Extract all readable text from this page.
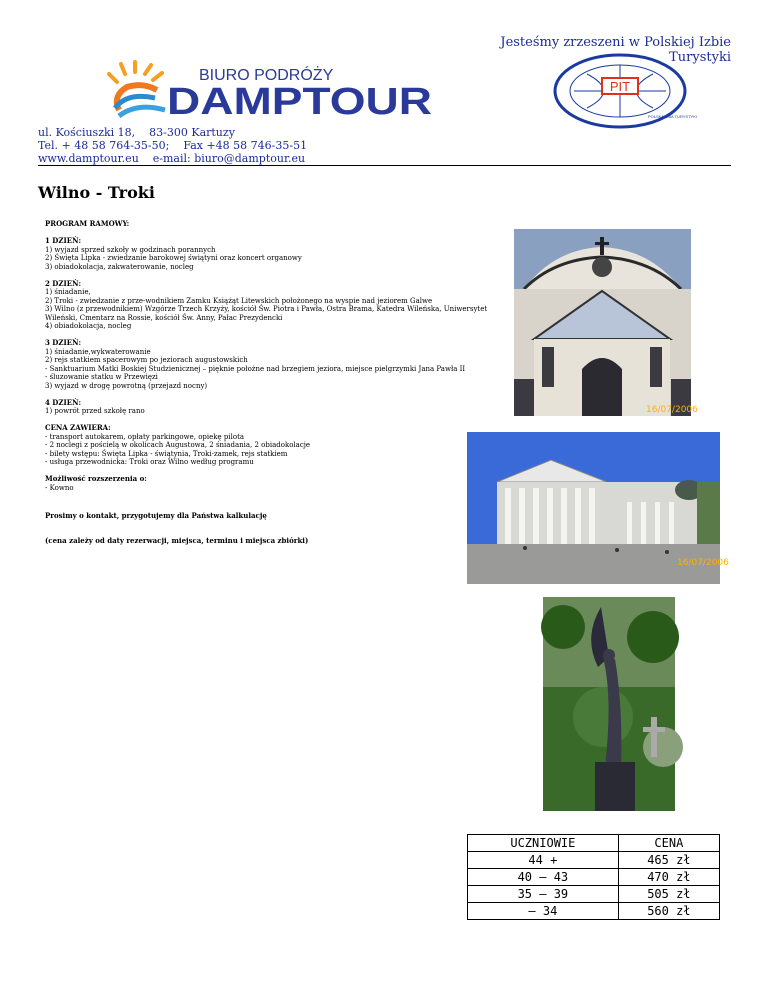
Jesteśmy zrzeszeni w Polskiej Izbie Turystyki
BIURO PODRÓŻY
DAMPTOUR	PIT
POLSKA IZBA TURYSTYKI
ul. Kościuszki 18,    83-300 Kartuzy
Tel. + 48 58 764-35-50;    Fax +48 58 746-35-51
www.damptour.eu    e-mail: biuro@damptour.eu
Wilno - Troki

PROGRAM RAMOWY:

1 DZIEŃ:
1) wyjazd sprzed szkoły w godzinach porannych
2) Święta Lipka - zwiedzanie barokowej świątyni oraz koncert organowy
3) obiadokolacja, zakwaterowanie, nocleg

2 DZIEŃ:
1) śniadanie,
2) Troki - zwiedzanie z prze-wodnikiem Zamku Książąt Litewskich położonego na wyspie nad jeziorem Galwe
3) Wilno (z przewodnikiem) Wzgórze Trzech Krzyży, kościół Św. Piotra i Pawła, Ostra Brama, Katedra Wileńska, Uniwersytet
Wileński, Cmentarz na Rossie, kościół Św. Anny, Pałac Prezydencki
4) obiadokolacja, nocleg

3 DZIEŃ:
1) śniadanie,wykwaterowanie
2) rejs statkiem spacerowym po jeziorach augustowskich
- Sanktuarium Matki Boskiej Studzienicznej – pięknie położne nad brzegiem jeziora, miejsce pielgrzymki Jana Pawła II
- śluzowanie statku w Przewięzi
3) wyjazd w drogę powrotną (przejazd nocny)

4 DZIEŃ:
1) powrót przed szkołę rano

CENA ZAWIERA:
- transport autokarem, opłaty parkingowe, opiekę pilota
- 2 noclegi z pościelą w okolicach Augustowa, 2 śniadania, 2 obiadokolacje
- bilety wstępu: Święta Lipka - świątynia, Troki-zamek, rejs statkiem
- usługa przewodnicka: Troki oraz Wilno według programu

Możliwość rozszerzenia o:
- Kowno

Prosimy o kontakt, przygotujemy dla Państwa kalkulację

(cena zależy od daty rezerwacji, miejsca, terminu i miejsca zbiórki)

16/07/2006
16/07/2006
UCZNIOWIE	CENA
44 +	465 zł
40 – 43	470 zł
35 – 39	505 zł
– 34	560 zł
